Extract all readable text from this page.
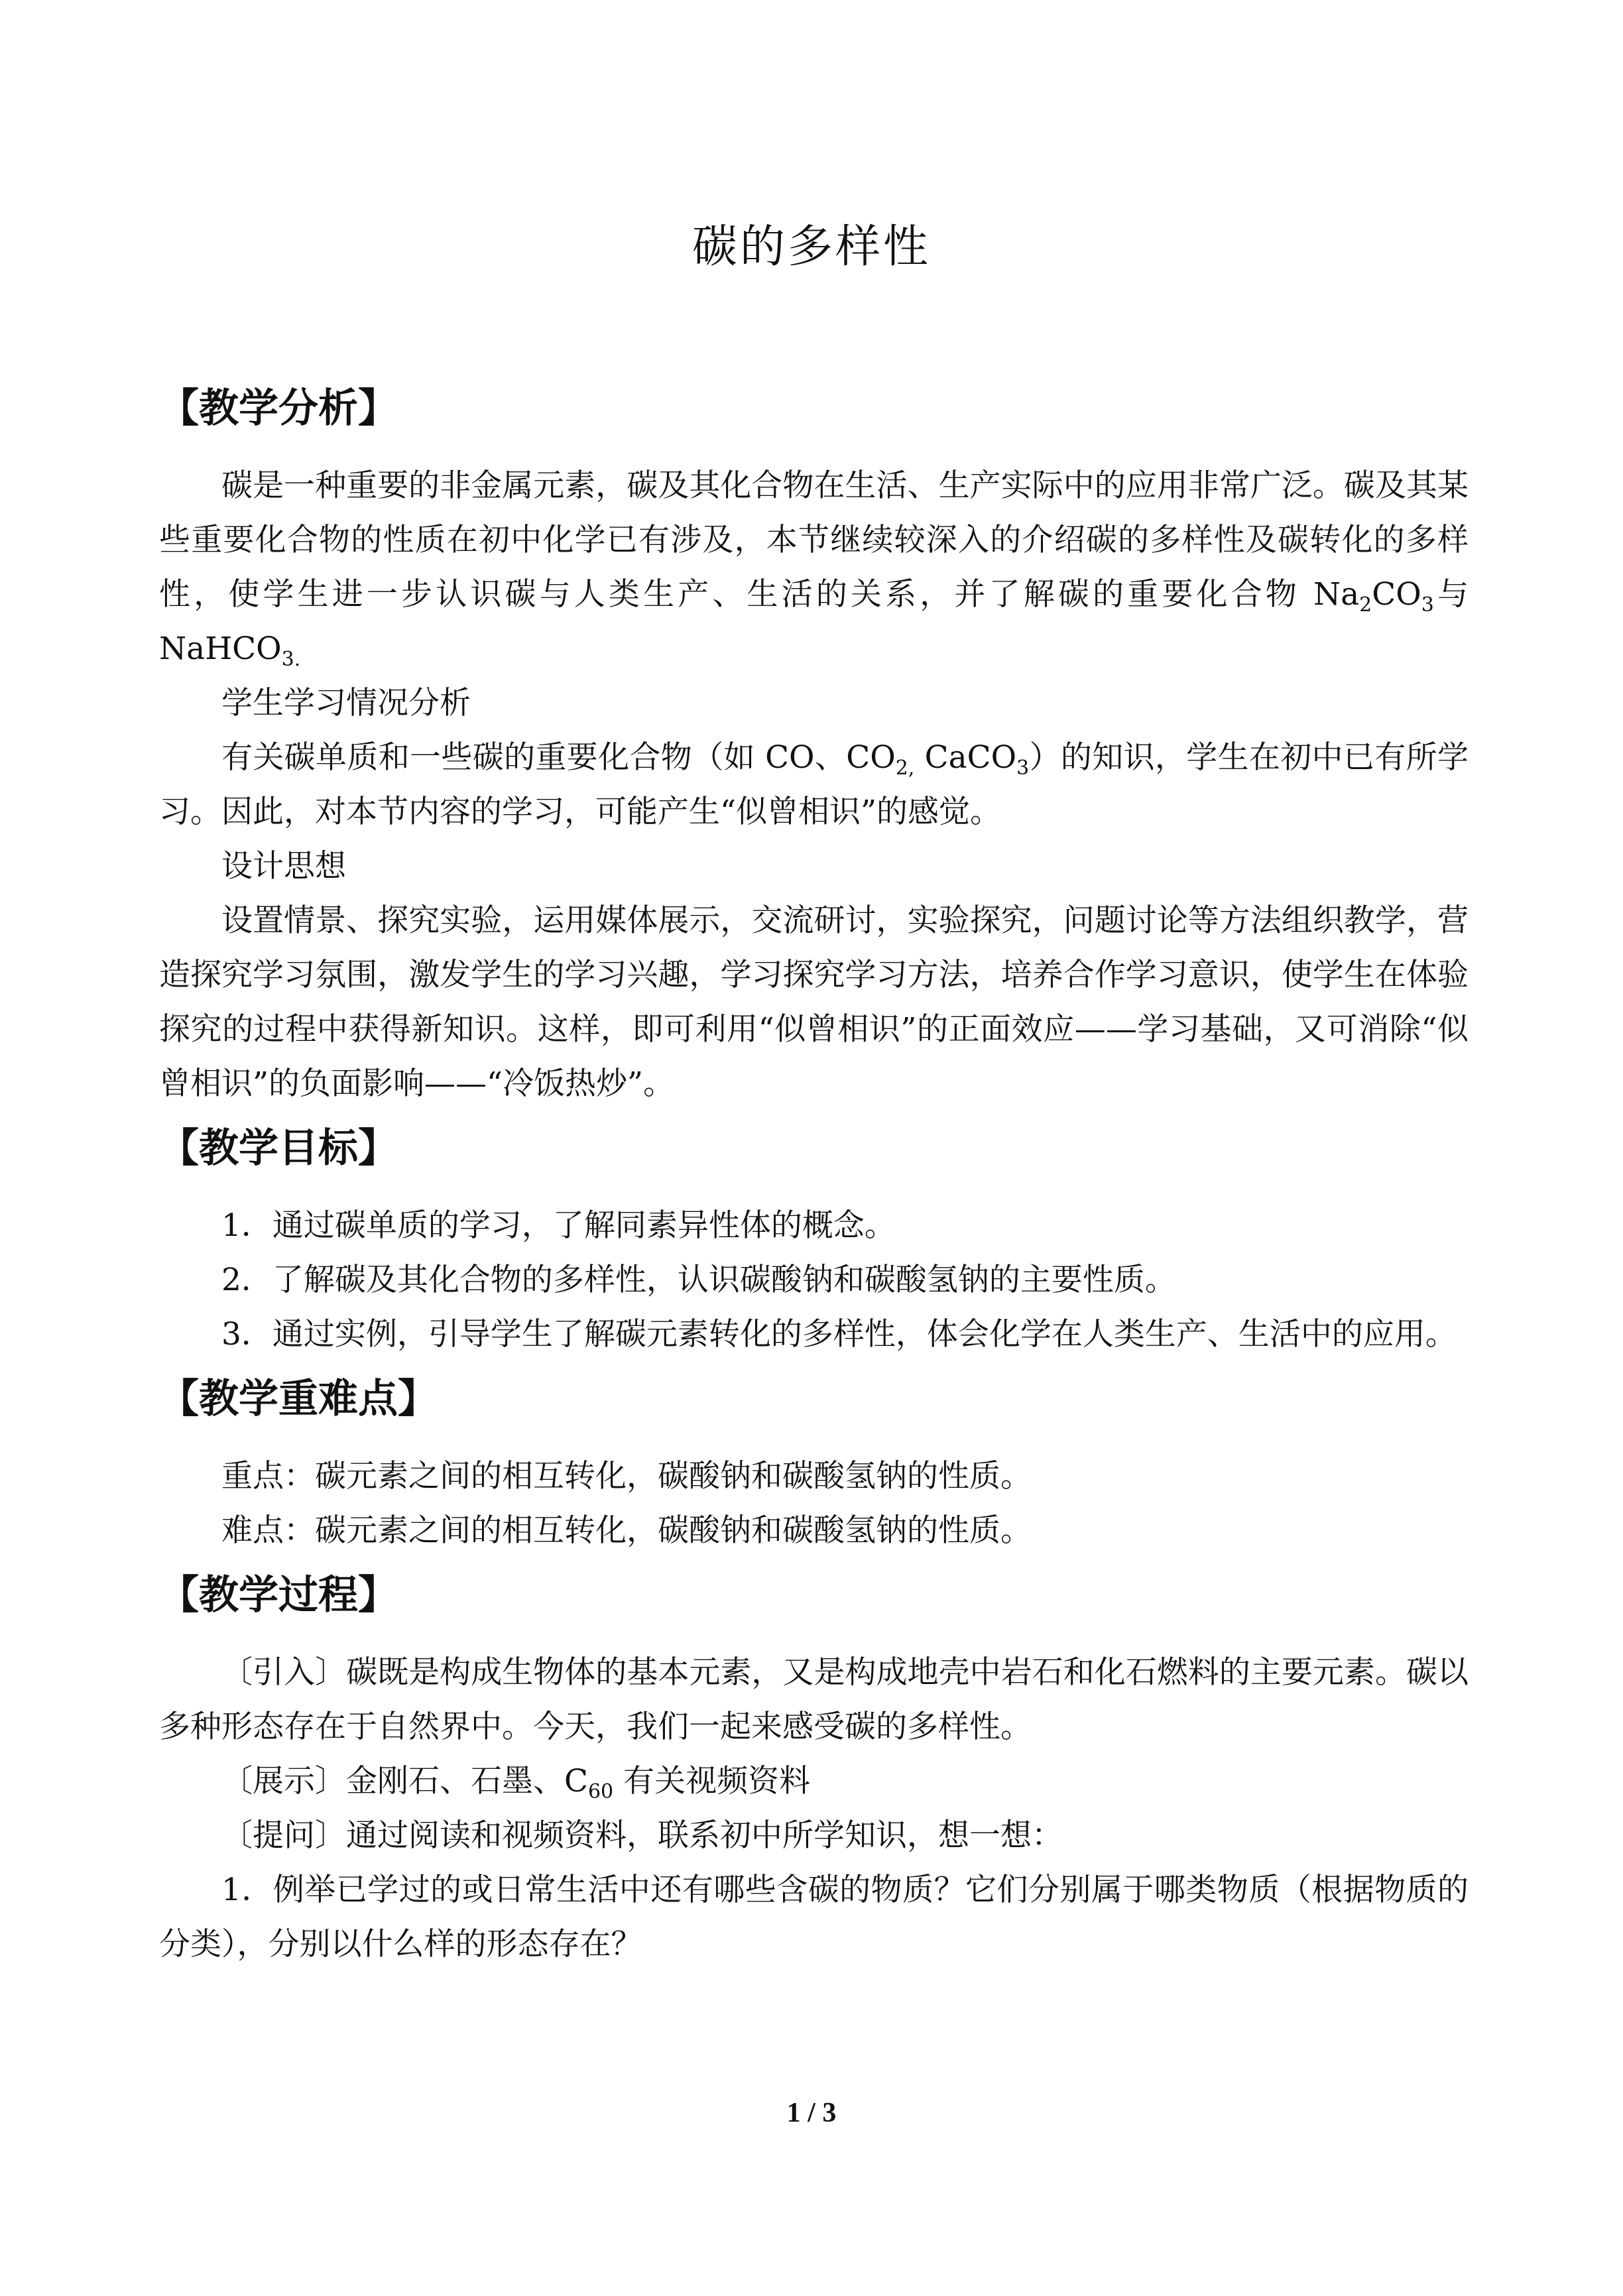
碳的多样性
【教学分析】

碳是一种重要的非金属元素，碳及其化合物在生活、生产实际中的应用非常广泛。碳及其某些重要化合物的性质在初中化学已有涉及，本节继续较深入的介绍碳的多样性及碳转化的多样性，使学生进一步认识碳与人类生产、生活的关系，并了解碳的重要化合物 $Na_2CO_3$与 NaHCO$_{3.}$

学生学习情况分析

有关碳单质和一些碳的重要化合物（如 CO、$CO_{2,}$ CaCO$_3$）的知识，学生在初中已有所学习。因此，对本节内容的学习，可能产生“似曾相识”的感觉。

设计思想

设置情景、探究实验，运用媒体展示，交流研讨，实验探究，问题讨论等方法组织教学，营造探究学习氛围，激发学生的学习兴趣，学习探究学习方法，培养合作学习意识，使学生在体验探究的过程中获得新知识。这样，即可利用“似曾相识”的正面效应——学习基础，又可消除“似曾相识”的负面影响——“冷饭热炒”。

【教学目标】

1．通过碳单质的学习，了解同素异性体的概念。

2．了解碳及其化合物的多样性，认识碳酸钠和碳酸氢钠的主要性质。

3．通过实例，引导学生了解碳元素转化的多样性，体会化学在人类生产、生活中的应用。

【教学重难点】

重点：碳元素之间的相互转化，碳酸钠和碳酸氢钠的性质。

难点：碳元素之间的相互转化，碳酸钠和碳酸氢钠的性质。

【教学过程】

〔引入〕碳既是构成生物体的基本元素，又是构成地壳中岩石和化石燃料的主要元素。碳以多种形态存在于自然界中。今天，我们一起来感受碳的多样性。

〔展示〕金刚石、石墨、$C_{60}$ 有关视频资料

〔提问〕通过阅读和视频资料，联系初中所学知识，想一想：

1．例举已学过的或日常生活中还有哪些含碳的物质？它们分别属于哪类物质（根据物质的分类），分别以什么样的形态存在？

1 / 3
